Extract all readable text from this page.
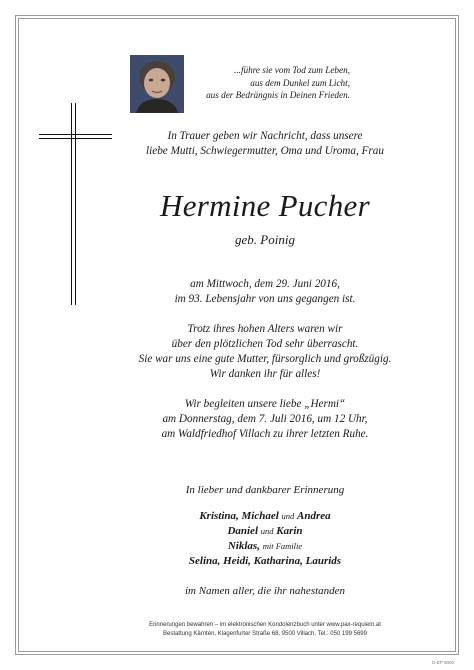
...führe sie vom Tod zum Leben,
aus dem Dunkel zum Licht,
aus der Bedrängnis in Deinen Frieden.
In Trauer geben wir Nachricht, dass unsere
liebe Mutti, Schwiegermutter, Oma und Uroma, Frau
Hermine Pucher
geb. Poinig
am Mittwoch, dem 29. Juni 2016,
im 93. Lebensjahr von uns gegangen ist.
Trotz ihres hohen Alters waren wir
über den plötzlichen Tod sehr überrascht.
Sie war uns eine gute Mutter, fürsorglich und großzügig.
Wir danken ihr für alles!
Wir begleiten unsere liebe „Hermi“
am Donnerstag, dem 7. Juli 2016, um 12 Uhr,
am Waldfriedhof Villach zu ihrer letzten Ruhe.
In lieber und dankbarer Erinnerung
Kristina, Michael und Andrea
Daniel und Karin
Niklas, mit Familie
Selina, Heidi, Katharina, Laurids
im Namen aller, die ihr nahestanden
Erinnerungen bewahren – im elektronischen Kondolenzbuch unter www.pax-requiem.at
Bestattung Kärnten, Klagenfurter Straße 68, 9500 Villach, Tel.: 050 199 5699
D-EP 9000
